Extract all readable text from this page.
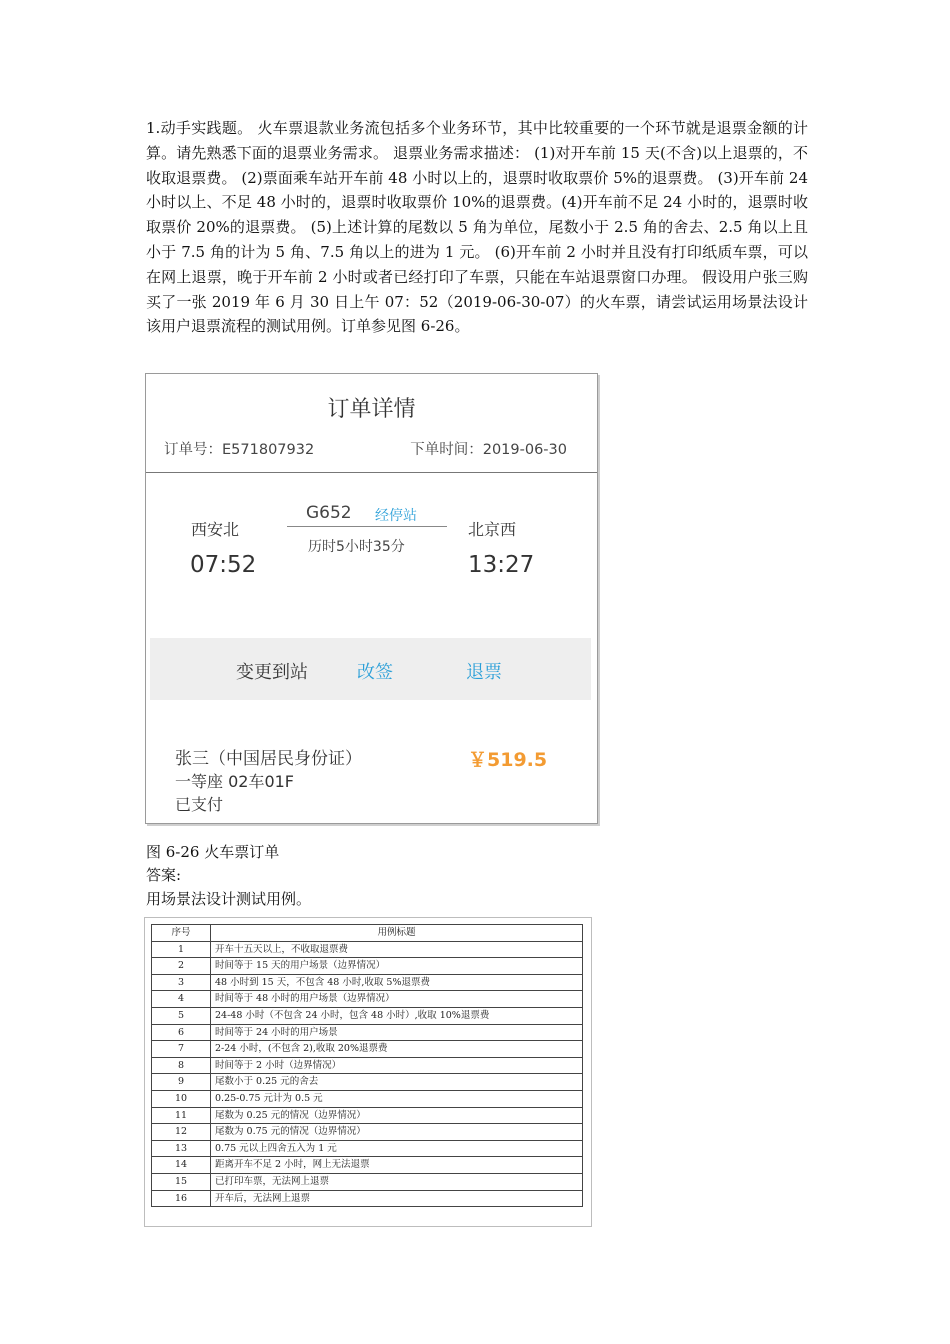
1.动手实践题。 火车票退款业务流包括多个业务环节，其中比较重要的一个环节就是退票金额的计算。请先熟悉下面的退票业务需求。 退票业务需求描述： (1)对开车前 15 天(不含)以上退票的，不收取退票费。 (2)票面乘车站开车前 48 小时以上的，退票时收取票价 5%的退票费。 (3)开车前 24 小时以上、不足 48 小时的，退票时收取票价 10%的退票费。(4)开车前不足 24 小时的，退票时收取票价 20%的退票费。 (5)上述计算的尾数以 5 角为单位，尾数小于 2.5 角的舍去、2.5 角以上且小于 7.5 角的计为 5 角、7.5 角以上的进为 1 元。 (6)开车前 2 小时并且没有打印纸质车票，可以在网上退票，晚于开车前 2 小时或者已经打印了车票，只能在车站退票窗口办理。 假设用户张三购买了一张 2019 年 6 月 30 日上午 07：52（2019-06-30-07）的火车票，请尝试运用场景法设计该用户退票流程的测试用例。订单参见图 6-26。
订单详情
订单号：E571807932	下单时间：2019-06-30
西安北
07:52
G652 经停站
历时5小时35分
北京西
13:27
变更到站	改签	退票
张三（中国居民身份证）
一等座 02车01F
已支付
￥519.5
图 6-26 火车票订单
答案:
用场景法设计测试用例。
序号	用例标题
1	开车十五天以上，不收取退票费
2	时间等于 15 天的用户场景（边界情况）
3	48 小时到 15 天，不包含 48 小时,收取 5%退票费
4	时间等于 48 小时的用户场景（边界情况）
5	24-48 小时（不包含 24 小时，包含 48 小时）,收取 10%退票费
6	时间等于 24 小时的用户场景
7	2-24 小时，(不包含 2),收取 20%退票费
8	时间等于 2 小时（边界情况）
9	尾数小于 0.25 元的舍去
10	0.25-0.75 元计为 0.5 元
11	尾数为 0.25 元的情况（边界情况）
12	尾数为 0.75 元的情况（边界情况）
13	0.75 元以上四舍五入为 1 元
14	距离开车不足 2 小时，网上无法退票
15	已打印车票，无法网上退票
16	开车后，无法网上退票
